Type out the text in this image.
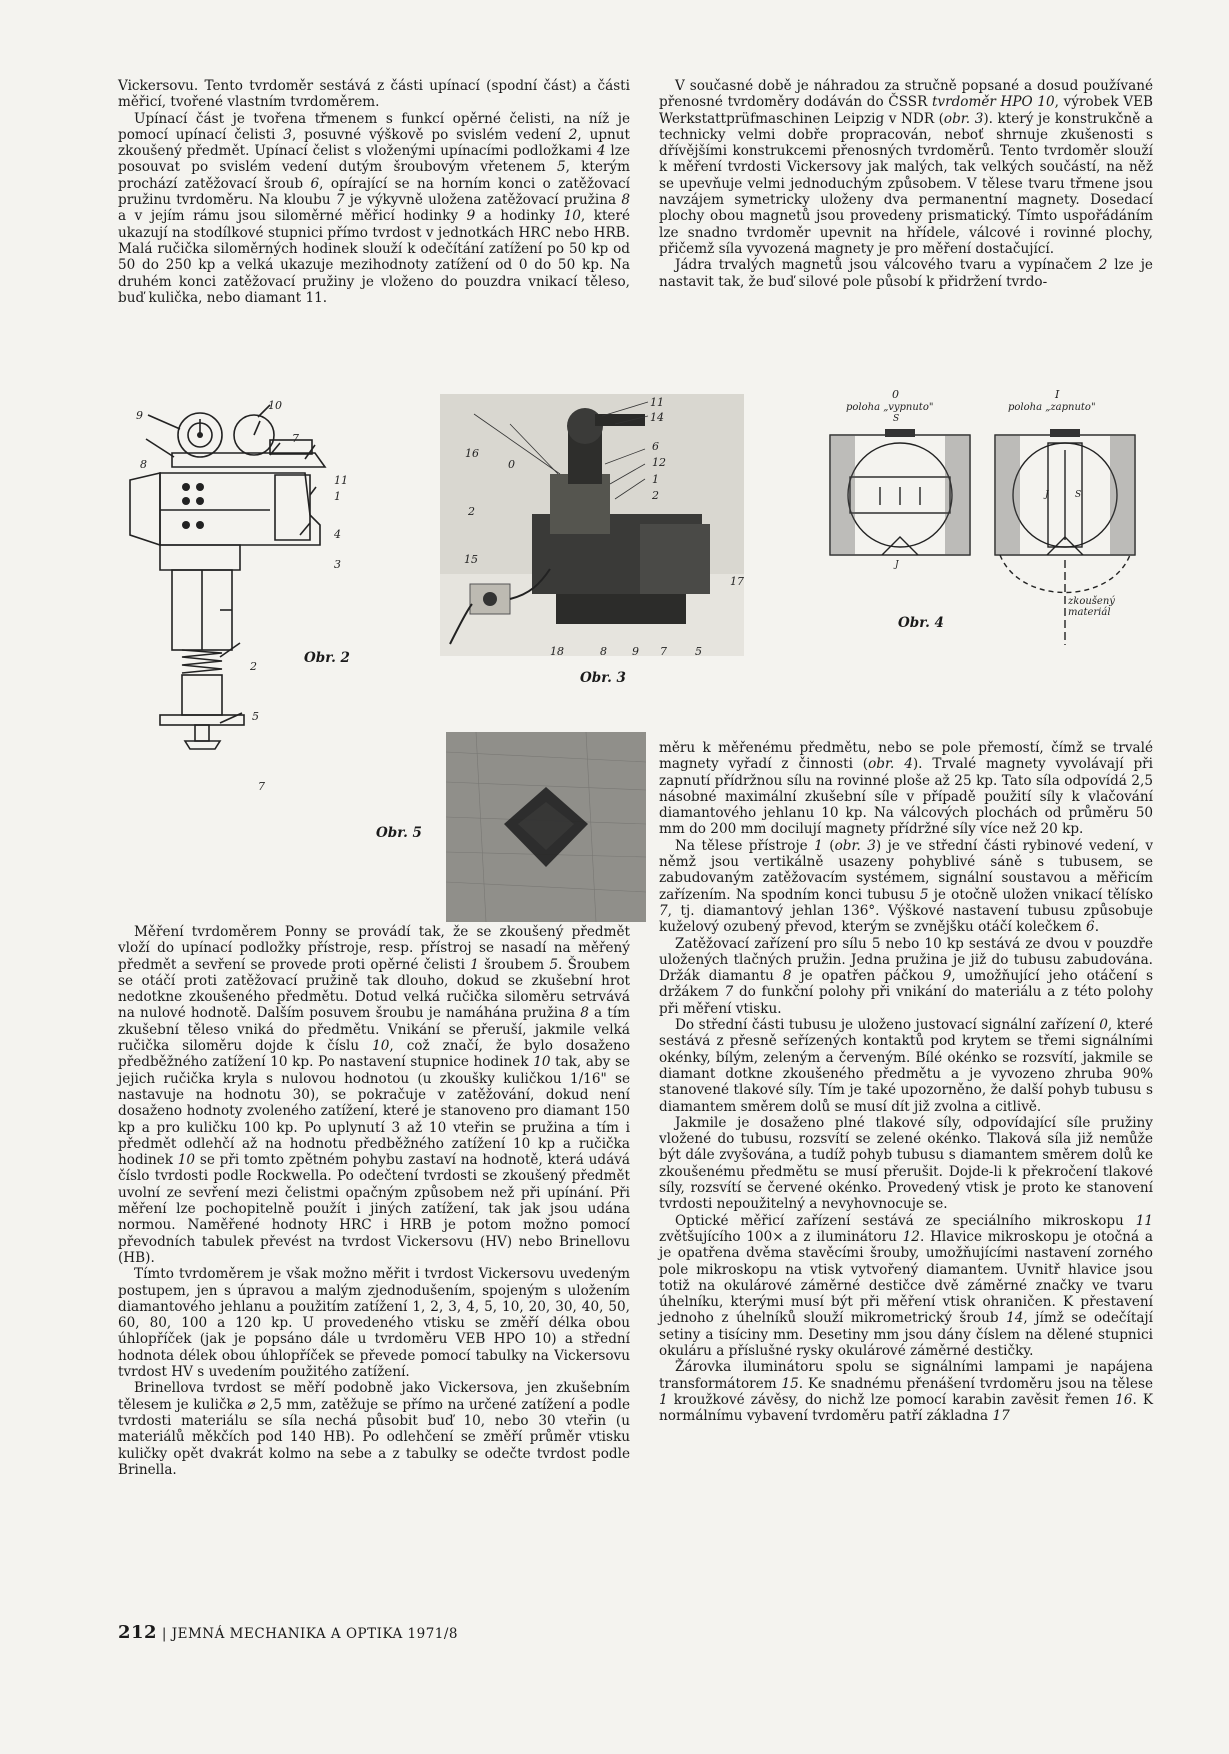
Vickersovu. Tento tvrdoměr sestává z části upínací (spodní část) a části měřicí, tvořené vlastním tvrdoměrem.

Upínací část je tvořena třmenem s funkcí opěrné čelisti, na níž je pomocí upínací čelisti 3, posuvné výškově po svislém vedení 2, upnut zkoušený předmět. Upínací čelist s vloženými upínacími podložkami 4 lze posouvat po svislém vedení dutým šroubovým vřetenem 5, kterým prochází zatěžovací šroub 6, opírající se na horním konci o zatěžovací pružinu tvrdoměru. Na kloubu 7 je výkyvně uložena zatěžovací pružina 8 a v jejím rámu jsou siloměrné měřicí hodinky 9 a hodinky 10, které ukazují na stodílkové stupnici přímo tvrdost v jednotkách HRC nebo HRB. Malá ručička siloměrných hodinek slouží k odečítání zatížení po 50 kp od 50 do 250 kp a velká ukazuje mezihodnoty zatížení od 0 do 50 kp. Na druhém konci zatěžovací pružiny je vloženo do pouzdra vnikací těleso, buď kulička, nebo diamant 11.

V současné době je náhradou za stručně popsané a dosud používané přenosné tvrdoměry dodáván do ČSSR tvrdoměr HPO 10, výrobek VEB Werkstattprüfmaschinen Leipzig v NDR (obr. 3). který je konstrukčně a technicky velmi dobře propracován, neboť shrnuje zkušenosti s dřívějšími konstrukcemi přenosných tvrdoměrů. Tento tvrdoměr slouží k měření tvrdosti Vickersovy jak malých, tak velkých součástí, na něž se upevňuje velmi jednoduchým způsobem. V tělese tvaru třmene jsou navzájem symetricky uloženy dva permanentní magnety. Dosedací plochy obou magnetů jsou provedeny prismatický. Tímto uspořádáním lze snadno tvrdoměr upevnit na hřídele, válcové i rovinné plochy, přičemž síla vyvozená magnety je pro měření dostačující.

Jádra trvalých magnetů jsou válcového tvaru a vypínačem 2 lze je nastavit tak, že buď silové pole působí k přidržení tvrdo-

9
10
7
8
11
1
4
3
2
5
7
Obr. 2
11
14
16
0
6
12
1
2
2
15
17
18	8 9 7	5
Obr. 3
0
poloha „vypnuto"
S
J
I
poloha „zapnuto"
J	S
zkoušený materiál
Obr. 4
Obr. 5

Měření tvrdoměrem Ponny se provádí tak, že se zkoušený předmět vloží do upínací podložky přístroje, resp. přístroj se nasadí na měřený předmět a sevření se provede proti opěrné čelisti 1 šroubem 5. Šroubem se otáčí proti zatěžovací pružině tak dlouho, dokud se zkušební hrot nedotkne zkoušeného předmětu. Dotud velká ručička siloměru setrvává na nulové hodnotě. Dalším posuvem šroubu je namáhána pružina 8 a tím zkušební těleso vniká do předmětu. Vnikání se přeruší, jakmile velká ručička siloměru dojde k číslu 10, což značí, že bylo dosaženo předběžného zatížení 10 kp. Po nastavení stupnice hodinek 10 tak, aby se jejich ručička kryla s nulovou hodnotou (u zkoušky kuličkou 1/16" se nastavuje na hodnotu 30), se pokračuje v zatěžování, dokud není dosaženo hodnoty zvoleného zatížení, které je stanoveno pro diamant 150 kp a pro kuličku 100 kp. Po uplynutí 3 až 10 vteřin se pružina a tím i předmět odlehčí až na hodnotu předběžného zatížení 10 kp a ručička hodinek 10 se při tomto zpětném pohybu zastaví na hodnotě, která udává číslo tvrdosti podle Rockwella. Po odečtení tvrdosti se zkoušený předmět uvolní ze sevření mezi čelistmi opačným způsobem než při upínání. Při měření lze pochopitelně použít i jiných zatížení, tak jak jsou udána normou. Naměřené hodnoty HRC i HRB je potom možno pomocí převodních tabulek převést na tvrdost Vickersovu (HV) nebo Brinellovu (HB).

Tímto tvrdoměrem je však možno měřit i tvrdost Vickersovu uvedeným postupem, jen s úpravou a malým zjednodušením, spojeným s uložením diamantového jehlanu a použitím zatížení 1, 2, 3, 4, 5, 10, 20, 30, 40, 50, 60, 80, 100 a 120 kp. U provedeného vtisku se změří délka obou úhlopříček (jak je popsáno dále u tvrdoměru VEB HPO 10) a střední hodnota délek obou úhlopříček se převede pomocí tabulky na Vickersovu tvrdost HV s uvedením použitého zatížení.

Brinellova tvrdost se měří podobně jako Vickersova, jen zkušebním tělesem je kulička ⌀ 2,5 mm, zatěžuje se přímo na určené zatížení a podle tvrdosti materiálu se síla nechá působit buď 10, nebo 30 vteřin (u materiálů měkčích pod 140 HB). Po odlehčení se změří průměr vtisku kuličky opět dvakrát kolmo na sebe a z tabulky se odečte tvrdost podle Brinella.

měru k měřenému předmětu, nebo se pole přemostí, čímž se trvalé magnety vyřadí z činnosti (obr. 4). Trvalé magnety vyvolávají při zapnutí přídržnou sílu na rovinné ploše až 25 kp. Tato síla odpovídá 2,5 násobné maximální zkušební síle v případě použití síly k vlačování diamantového jehlanu 10 kp. Na válcových plochách od průměru 50 mm do 200 mm docilují magnety přídržné síly více než 20 kp.

Na tělese přístroje 1 (obr. 3) je ve střední části rybinové vedení, v němž jsou vertikálně usazeny pohyblivé sáně s tubusem, se zabudovaným zatěžovacím systémem, signální soustavou a měřicím zařízením. Na spodním konci tubusu 5 je otočně uložen vnikací tělísko 7, tj. diamantový jehlan 136°. Výškové nastavení tubusu způsobuje kuželový ozubený převod, kterým se zvnějšku otáčí kolečkem 6.

Zatěžovací zařízení pro sílu 5 nebo 10 kp sestává ze dvou v pouzdře uložených tlačných pružin. Jedna pružina je již do tubusu zabudována. Držák diamantu 8 je opatřen páčkou 9, umožňující jeho otáčení s držákem 7 do funkční polohy při vnikání do materiálu a z této polohy při měření vtisku.

Do střední části tubusu je uloženo justovací signální zařízení 0, které sestává z přesně seřízených kontaktů pod krytem se třemi signálními okénky, bílým, zeleným a červeným. Bílé okénko se rozsvítí, jakmile se diamant dotkne zkoušeného předmětu a je vyvozeno zhruba 90% stanovené tlakové síly. Tím je také upozorněno, že další pohyb tubusu s diamantem směrem dolů se musí dít již zvolna a citlivě.

Jakmile je dosaženo plné tlakové síly, odpovídající síle pružiny vložené do tubusu, rozsvítí se zelené okénko. Tlaková síla již nemůže být dále zvyšována, a tudíž pohyb tubusu s diamantem směrem dolů ke zkoušenému předmětu se musí přerušit. Dojde-li k překročení tlakové síly, rozsvítí se červené okénko. Provedený vtisk je proto ke stanovení tvrdosti nepoužitelný a nevyhovnocuje se.

Optické měřicí zařízení sestává ze speciálního mikroskopu 11 zvětšujícího 100× a z iluminátoru 12. Hlavice mikroskopu je otočná a je opatřena dvěma stavěcími šrouby, umožňujícími nastavení zorného pole mikroskopu na vtisk vytvořený diamantem. Uvnitř hlavice jsou totiž na okulárové záměrné destičce dvě záměrné značky ve tvaru úhelníku, kterými musí být při měření vtisk ohraničen. K přestavení jednoho z úhelníků slouží mikrometrický šroub 14, jímž se odečítají setiny a tisíciny mm. Desetiny mm jsou dány číslem na dělené stupnici okuláru a příslušné rysky okulárové záměrné destičky.

Žárovka iluminátoru spolu se signálními lampami je napájena transformátorem 15. Ke snadnému přenášení tvrdoměru jsou na tělese 1 kroužkové závěsy, do nichž lze pomocí karabin zavěsit řemen 16. K normálnímu vybavení tvrdoměru patří základna 17

212 | JEMNÁ MECHANIKA A OPTIKA 1971/8
